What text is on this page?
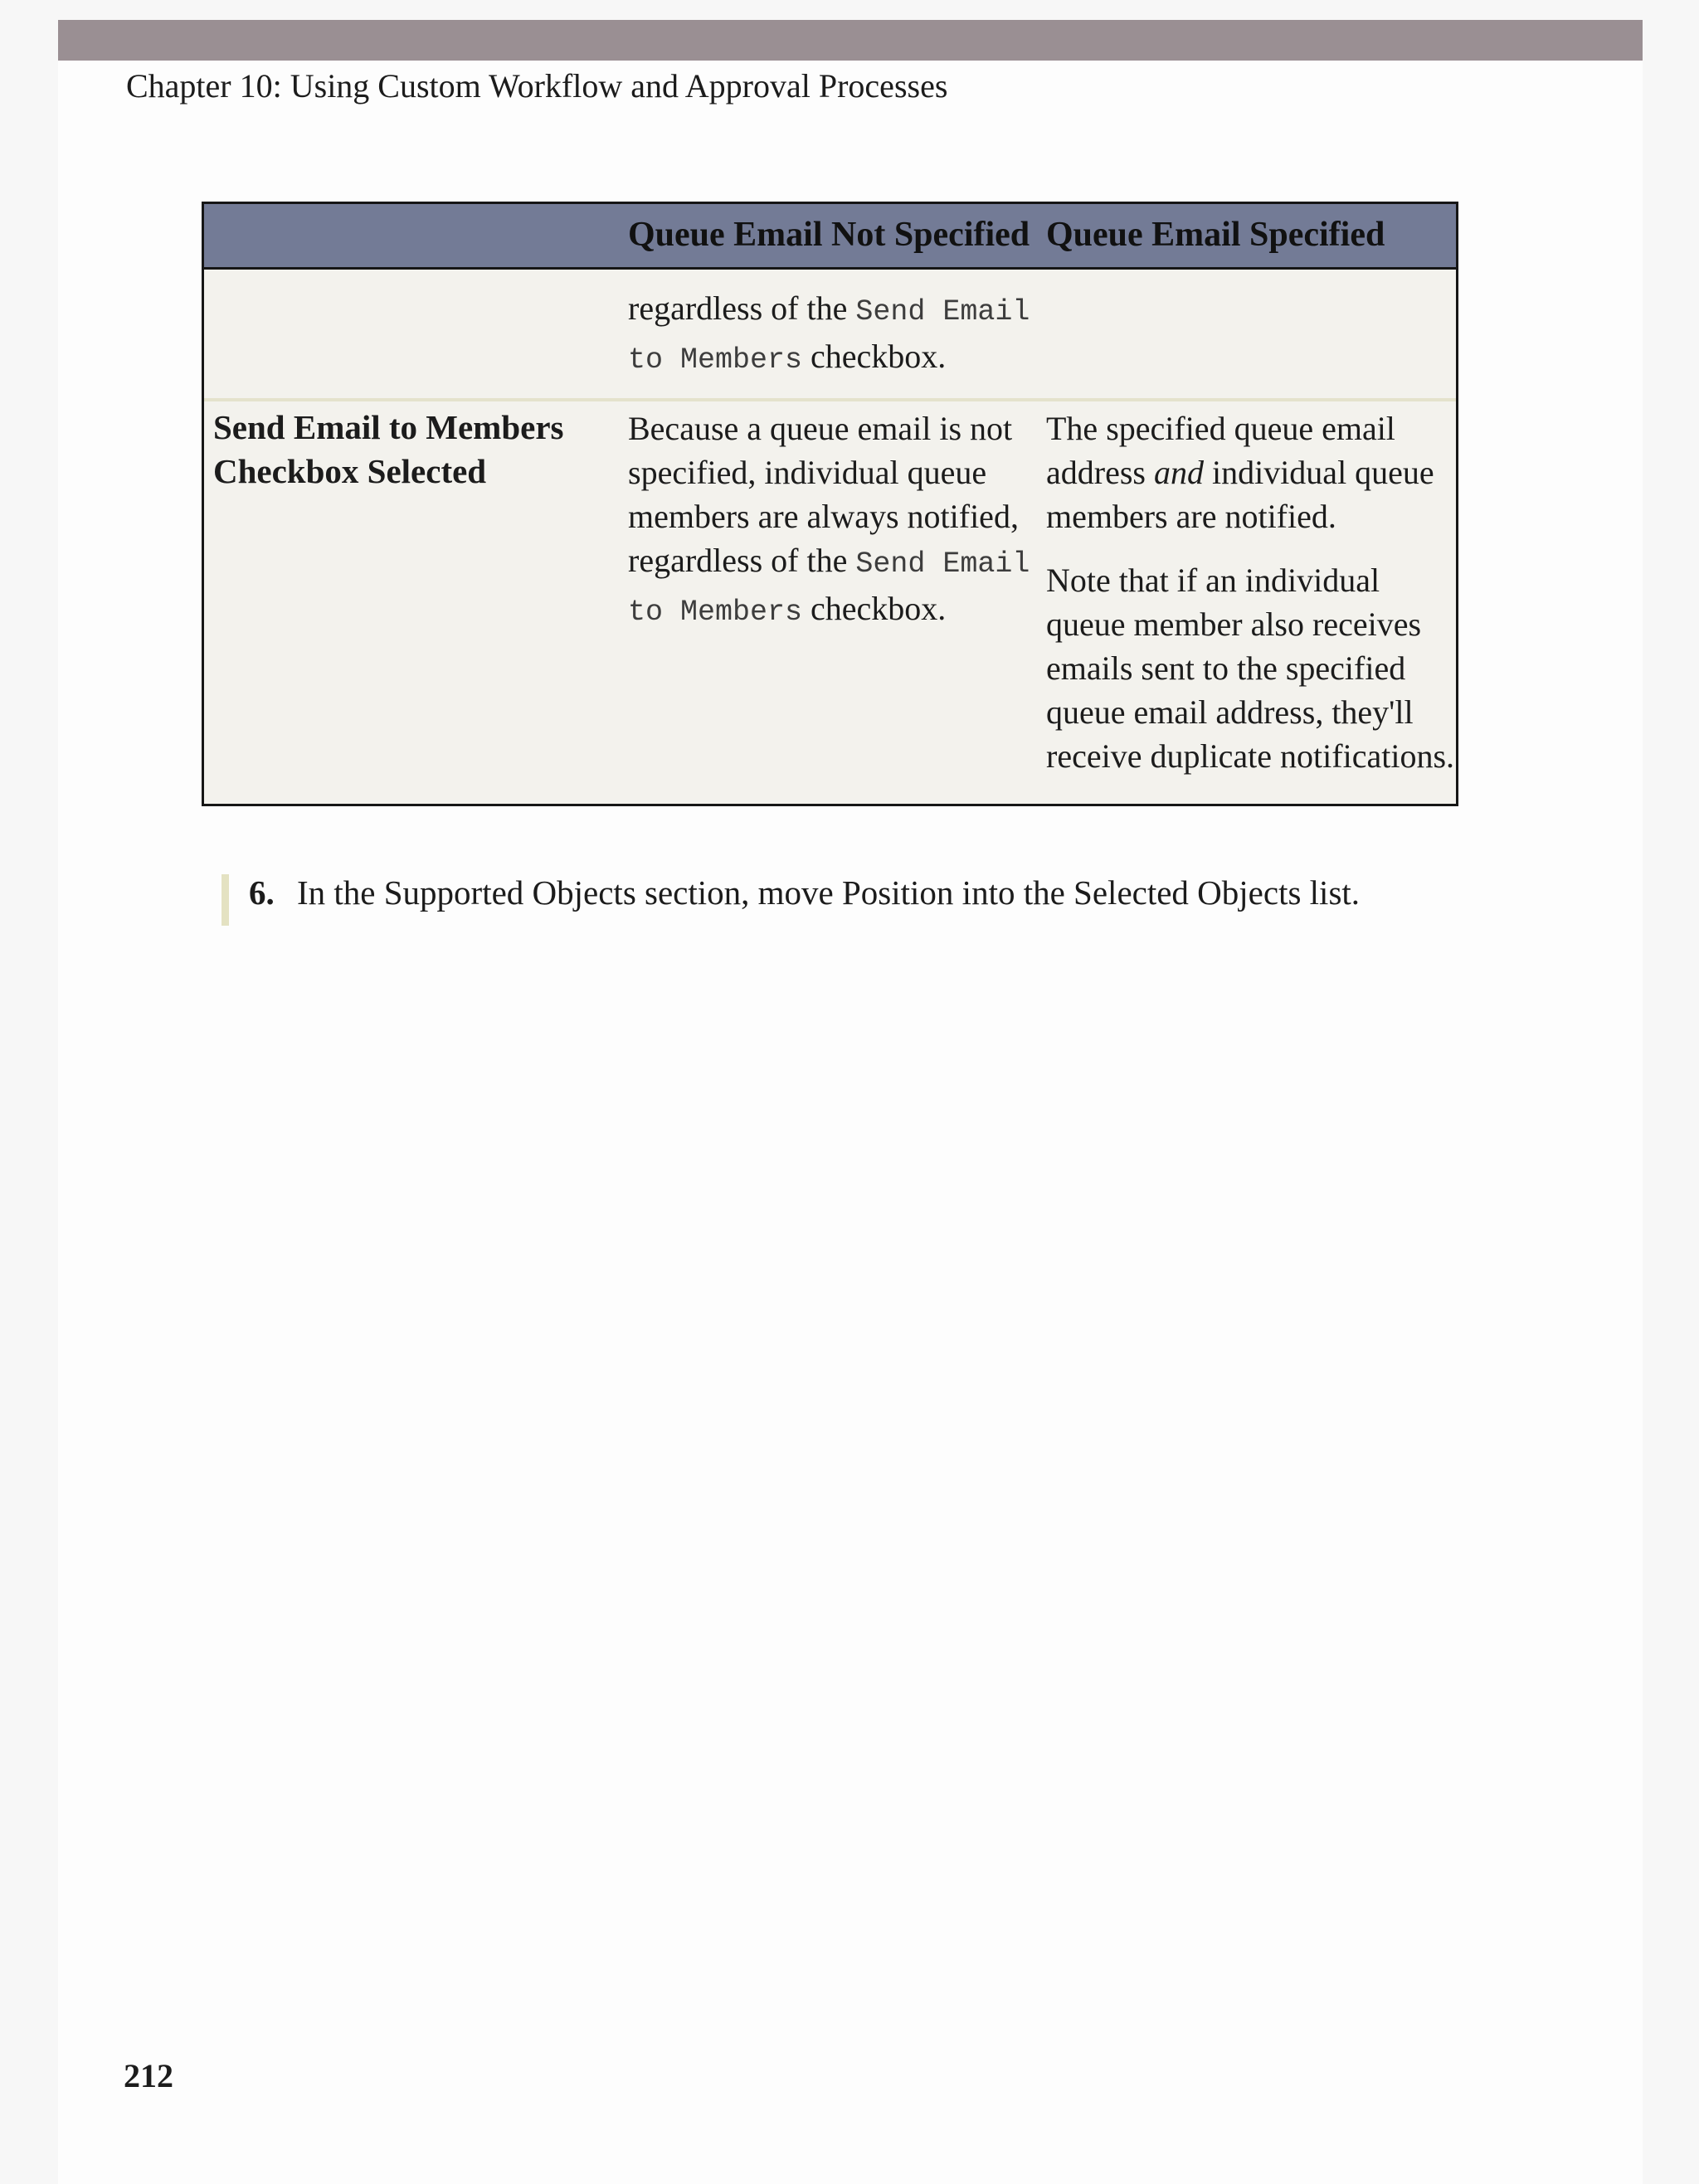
Chapter 10: Using Custom Workflow and Approval Processes
Queue Email Not Specified Queue Email Specified
regardless of the Send Email
to Members checkbox.
Send Email to Members
Checkbox Selected
Because a queue email is not
specified, individual queue
members are always notified,
regardless of the Send Email
to Members checkbox.
The specified queue email
address and individual queue
members are notified.
Note that if an individual
queue member also receives
emails sent to the specified
queue email address, they'll
receive duplicate notifications.
6. In the Supported Objects section, move Position into the Selected Objects list.
212
